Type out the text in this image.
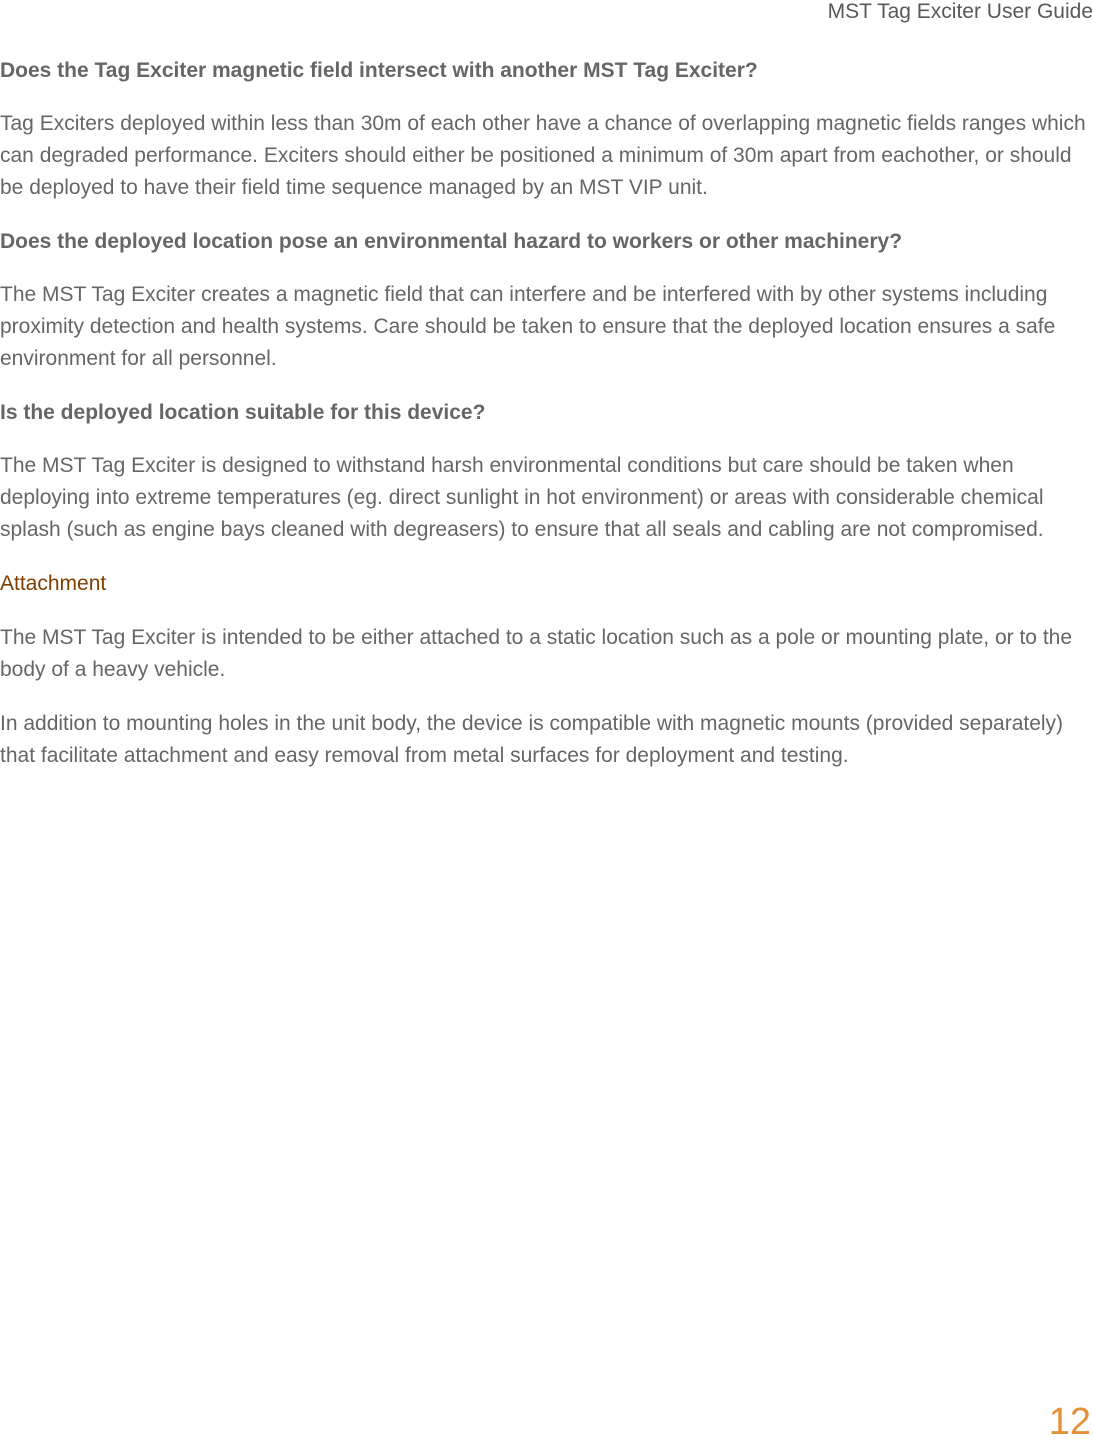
MST Tag Exciter User Guide
Does the Tag Exciter magnetic field intersect with another MST Tag Exciter?
Tag Exciters deployed within less than 30m of each other have a chance of overlapping magnetic fields ranges which can degraded performance. Exciters should either be positioned a minimum of 30m apart from eachother, or should be deployed to have their field time sequence managed by an MST VIP unit.
Does the deployed location pose an environmental hazard to workers or other machinery?
The MST Tag Exciter creates a magnetic field that can interfere and be interfered with by other systems including proximity detection and health systems. Care should be taken to ensure that the deployed location ensures a safe environment for all personnel.
Is the deployed location suitable for this device?
The MST Tag Exciter is designed to withstand harsh environmental conditions but care should be taken when deploying into extreme temperatures (eg. direct sunlight in hot environment) or areas with considerable chemical splash (such as engine bays cleaned with degreasers) to ensure that all seals and cabling are not compromised.
Attachment
The MST Tag Exciter is intended to be either attached to a static location such as a pole or mounting plate, or to the body of a heavy vehicle.
In addition to mounting holes in the unit body, the device is compatible with magnetic mounts (provided separately) that facilitate attachment and easy removal from metal surfaces for deployment and testing.
12
